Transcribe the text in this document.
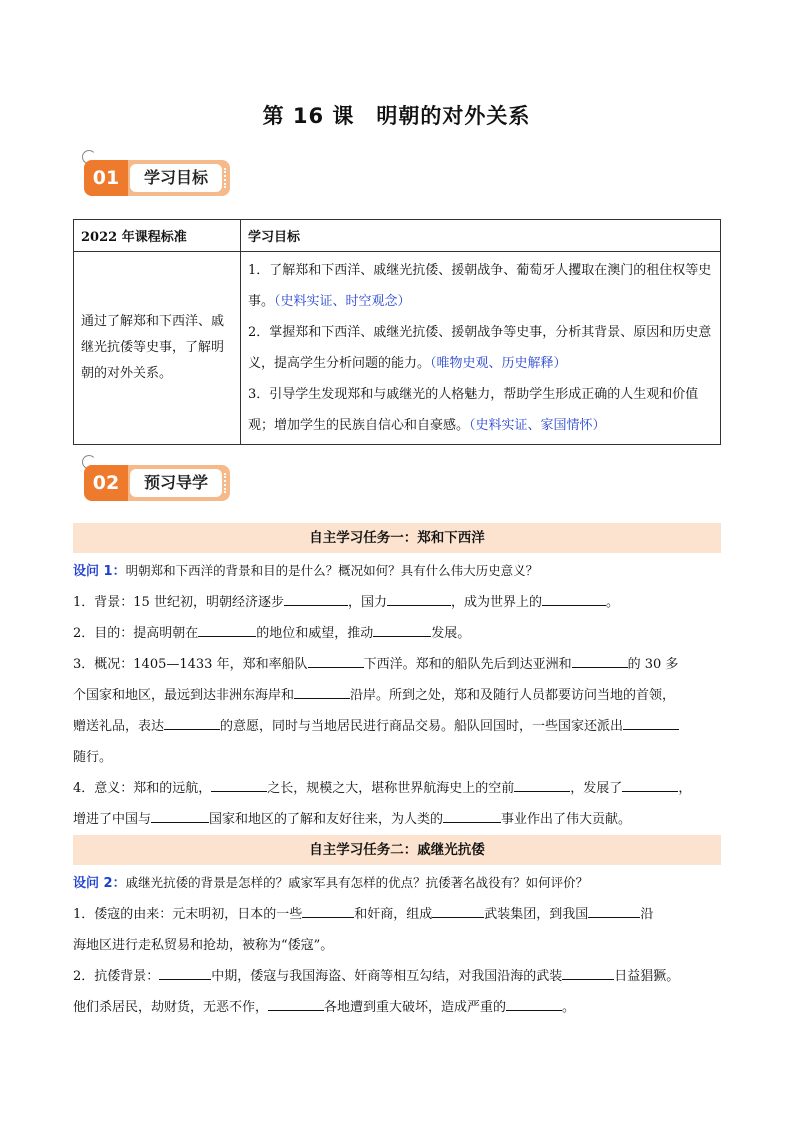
第 16 课　明朝的对外关系
01	学习目标
2022 年课程标准	学习目标
通过了解郑和下西洋、戚继光抗倭等史事，了解明朝的对外关系。	1．了解郑和下西洋、戚继光抗倭、援朝战争、葡萄牙人攫取在澳门的租住权等史事。（史料实证、时空观念）
2．掌握郑和下西洋、戚继光抗倭、援朝战争等史事，分析其背景、原因和历史意义，提高学生分析问题的能力。（唯物史观、历史解释）
3．引导学生发现郑和与戚继光的人格魅力，帮助学生形成正确的人生观和价值观；增加学生的民族自信心和自豪感。（史料实证、家国情怀）
02	预习导学
自主学习任务一：郑和下西洋

设问 1：明朝郑和下西洋的背景和目的是什么？概况如何？具有什么伟大历史意义？

1．背景：15 世纪初，明朝经济逐步	，国力	，成为世界上的	。

2．目的：提高明朝在	的地位和威望，推动	发展。

3．概况：1405—1433 年，郑和率船队	下西洋。郑和的船队先后到达亚洲和	的 30 多

个国家和地区，最远到达非洲东海岸和	沿岸。所到之处，郑和及随行人员都要访问当地的首领，

赠送礼品，表达	的意愿，同时与当地居民进行商品交易。船队回国时，一些国家还派出

随行。

4．意义：郑和的远航，	之长，规模之大，堪称世界航海史上的空前	，发展了	，

增进了中国与	国家和地区的了解和友好往来，为人类的	事业作出了伟大贡献。

自主学习任务二：戚继光抗倭

设问 2：戚继光抗倭的背景是怎样的？戚家军具有怎样的优点？抗倭著名战役有？如何评价？

1．倭寇的由来：元末明初，日本的一些	和奸商，组成	武装集团，到我国	沿

海地区进行走私贸易和抢劫，被称为“倭寇”。

2．抗倭背景：	中期，倭寇与我国海盗、奸商等相互勾结，对我国沿海的武装	日益猖獗。

他们杀居民，劫财货，无恶不作，	各地遭到重大破坏，造成严重的	。
